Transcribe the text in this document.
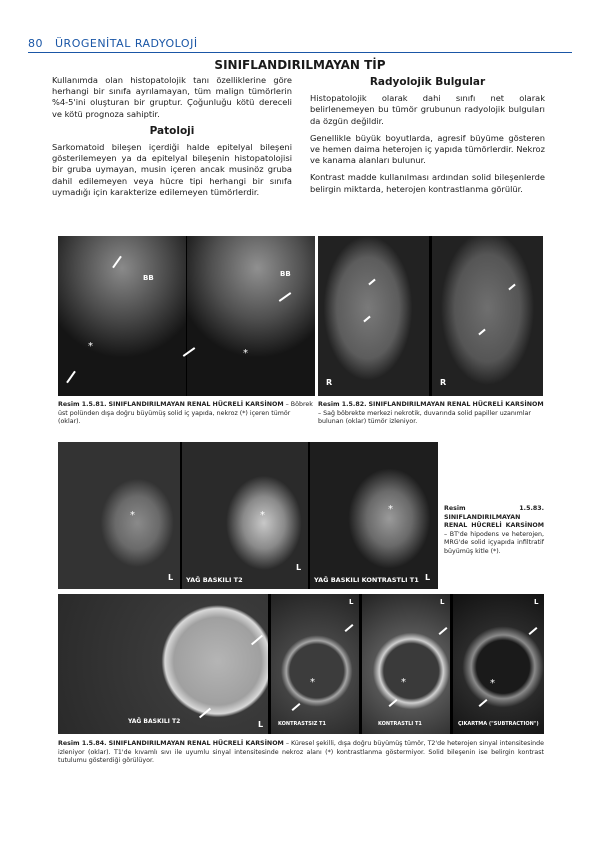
80 ÜROGENİTAL RADYOLOJİ
SINIFLANDIRILMAYAN TİP

Kullanımda olan histopatolojik tanı özelliklerine göre herhangi bir sınıfa ayrılamayan, tüm malign tümörlerin %4-5'ini oluşturan bir gruptur. Çoğunluğu kötü dereceli ve kötü prognoza sahiptir.

Patoloji

Sarkomatoid bileşen içerdiği halde epitelyal bileşeni gösterilemeyen ya da epitelyal bileşenin histopatolojisi bir gruba uymayan, musin içeren ancak musinöz gruba dahil edilemeyen veya hücre tipi herhangi bir sınıfa uymadığı için karakterize edilemeyen tümörlerdir.

Radyolojik Bulgular

Histopatolojik olarak dahi sınıfı net olarak belirlenemeyen bu tümör grubunun radyolojik bulguları da özgün değildir.

Genellikle büyük boyutlarda, agresif büyüme gösteren ve hemen daima heterojen iç yapıda tümörlerdir. Nekroz ve kanama alanları bulunur.

Kontrast madde kullanılması ardından solid bileşenlerde belirgin miktarda, heterojen kontrastlanma görülür.

BB	BB
*
*
R	R
Resim 1.5.81. SINIFLANDIRILMAYAN RENAL HÜCRELİ KARSİNOM – Böbrek üst polünden dışa doğru büyümüş solid iç yapıda, nekroz (*) içeren tümör (oklar).
Resim 1.5.82. SINIFLANDIRILMAYAN RENAL HÜCRELİ KARSİNOM – Sağ böbrekte merkezi nekrotik, duvarında solid papiller uzanımlar bulunan (oklar) tümör izleniyor.
*	*
*
YAĞ BASKILI T2	YAĞ BASKILI KONTRASTLI T1
L
L
L
Resim 1.5.83. SINIFLANDIRILMAYAN RENAL HÜCRELİ KARSİNOM – BT'de hipodens ve heterojen, MRG'de solid içyapıda infiltratif büyümüş kitle (*).
*	*	*
YAĞ BASKILI T2	KONTRASTSIZ T1	KONTRASTLI T1	ÇIKARTMA ("SUBTRACTION")
L
L	L	L
Resim 1.5.84. SINIFLANDIRILMAYAN RENAL HÜCRELİ KARSİNOM – Küresel şekilli, dışa doğru büyümüş tümör, T2'de heterojen sinyal intensitesinde izleniyor (oklar). T1'de kıvamlı sıvı ile uyumlu sinyal intensitesinde nekroz alanı (*) kontrastlanma göstermiyor. Solid bileşenin ise belirgin kontrast tutulumu gösterdiği görülüyor.
